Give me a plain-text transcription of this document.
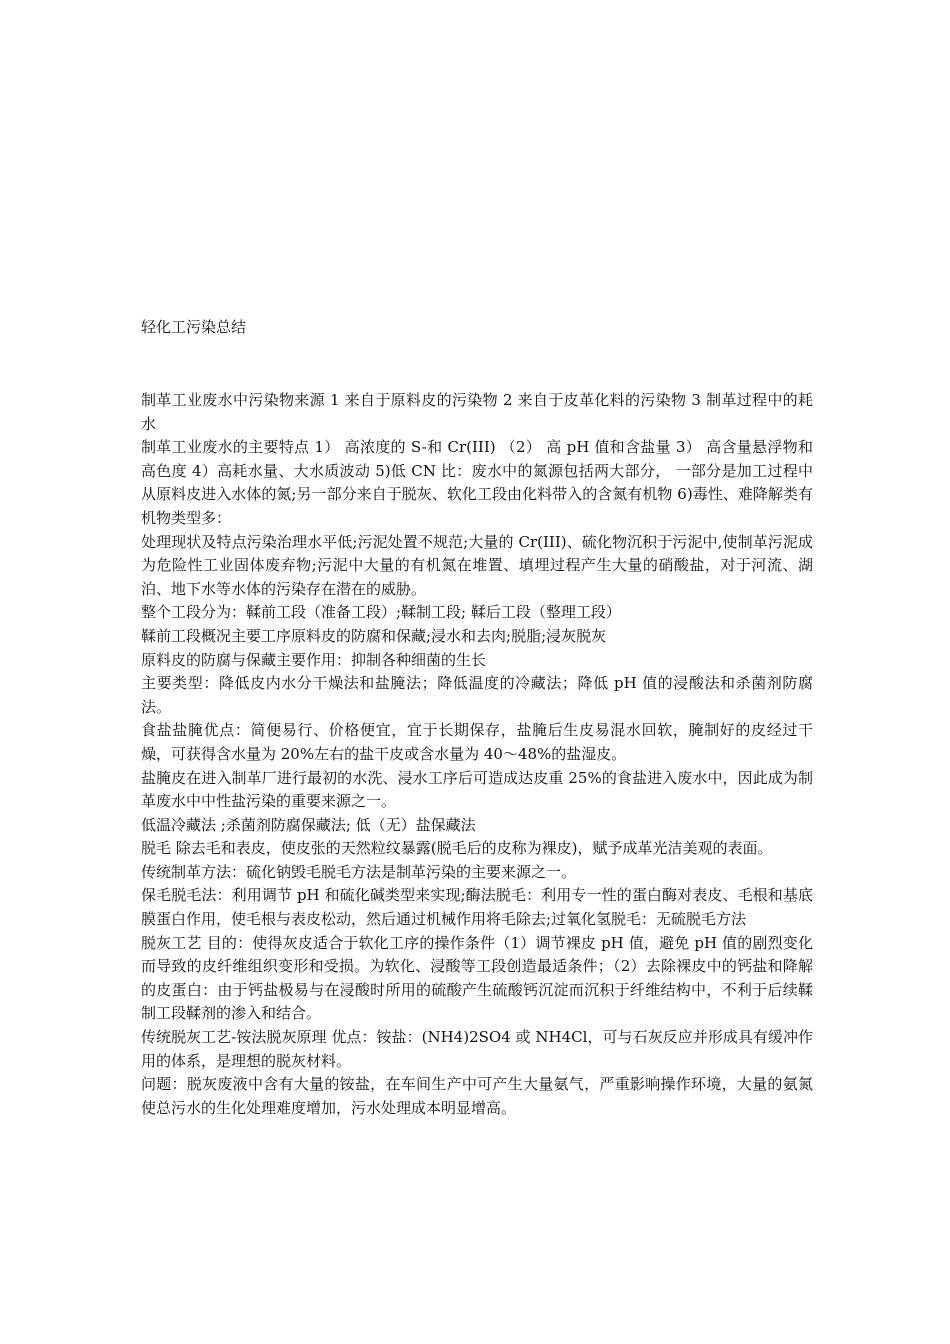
轻化工污染总结

制革工业废水中污染物来源 1 来自于原料皮的污染物 2 来自于皮革化料的污染物 3 制革过程中的耗水

制革工业废水的主要特点 1） 高浓度的 S-和 Cr(III) （2） 高 pH 值和含盐量 3） 高含量悬浮物和高色度 4）高耗水量、大水质波动 5)低 CN 比：废水中的氮源包括两大部分， 一部分是加工过程中从原料皮进入水体的氮;另一部分来自于脱灰、软化工段由化料带入的含氮有机物 6)毒性、难降解类有机物类型多：

处理现状及特点污染治理水平低;污泥处置不规范;大量的 Cr(III)、硫化物沉积于污泥中,使制革污泥成为危险性工业固体废弃物;污泥中大量的有机氮在堆置、填埋过程产生大量的硝酸盐，对于河流、湖泊、地下水等水体的污染存在潜在的威胁。

整个工段分为：鞣前工段（准备工段）;鞣制工段; 鞣后工段（整理工段）

鞣前工段概况主要工序原料皮的防腐和保藏;浸水和去肉;脱脂;浸灰脱灰

原料皮的防腐与保藏主要作用：抑制各种细菌的生长

主要类型：降低皮内水分干燥法和盐腌法；降低温度的冷藏法；降低 pH 值的浸酸法和杀菌剂防腐法。

食盐盐腌优点：简便易行、价格便宜，宜于长期保存，盐腌后生皮易混水回软，腌制好的皮经过干燥，可获得含水量为 20%左右的盐干皮或含水量为 40～48%的盐湿皮。

盐腌皮在进入制革厂进行最初的水洗、浸水工序后可造成达皮重 25%的食盐进入废水中，因此成为制革废水中中性盐污染的重要来源之一。

低温冷藏法 ;杀菌剂防腐保藏法; 低（无）盐保藏法

脱毛 除去毛和表皮，使皮张的天然粒纹暴露(脱毛后的皮称为裸皮)，赋予成革光洁美观的表面。

传统制革方法：硫化钠毁毛脱毛方法是制革污染的主要来源之一。

保毛脱毛法：利用调节 pH 和硫化碱类型来实现;酶法脱毛：利用专一性的蛋白酶对表皮、毛根和基底膜蛋白作用，使毛根与表皮松动，然后通过机械作用将毛除去;过氧化氢脱毛：无硫脱毛方法

脱灰工艺 目的：使得灰皮适合于软化工序的操作条件（1）调节裸皮 pH 值，避免 pH 值的剧烈变化而导致的皮纤维组织变形和受损。为软化、浸酸等工段创造最适条件；（2）去除裸皮中的钙盐和降解的皮蛋白：由于钙盐极易与在浸酸时所用的硫酸产生硫酸钙沉淀而沉积于纤维结构中，不利于后续鞣制工段鞣剂的渗入和结合。

传统脱灰工艺-铵法脱灰原理 优点：铵盐：(NH4)2SO4 或 NH4Cl，可与石灰反应并形成具有缓冲作用的体系，是理想的脱灰材料。

问题：脱灰废液中含有大量的铵盐，在车间生产中可产生大量氨气，严重影响操作环境，大量的氨氮使总污水的生化处理难度增加，污水处理成本明显增高。
